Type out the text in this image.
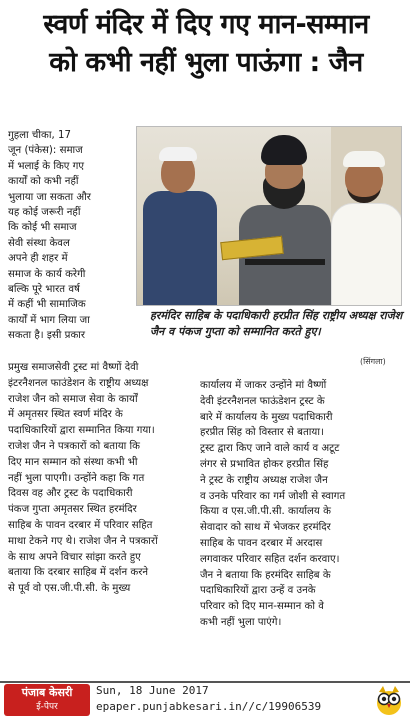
स्वर्ण मंदिर में दिए गए मान-सम्मान
को कभी नहीं भुला पाऊंगा : जैन

गुहला चीका, 17

जून (पंकेस): समाज

में भलाई के किए गए

कार्यों को कभी नहीं

भुलाया जा सकता और

यह कोई जरूरी नहीं

कि कोई भी समाज

सेवी संस्था केवल

अपने ही शहर में

समाज के कार्य करेगी

बल्कि पूरे भारत वर्ष

में कहीं भी सामाजिक

कार्यों में भाग लिया जा

सकता है। इसी प्रकार

हरमंदिर साहिब के पदाधिकारी हरप्रीत सिंह राष्ट्रीय अध्यक्ष राजेश जैन व पंकज गुप्ता को सम्मानित करते हुए।
(सिंगला)

प्रमुख समाजसेवी ट्रस्ट मां वैष्णों देवी

इंटरनैशनल फाउंडेशन के राष्ट्रीय अध्यक्ष

राजेश जैन को समाज सेवा के कार्यों

में अमृतसर स्थित स्वर्ण मंदिर के

पदाधिकारियों द्वारा सम्मानित किया गया।

राजेश जैन ने पत्रकारों को बताया कि

दिए मान सम्मान को संस्था कभी भी

नहीं भुला पाएगी। उन्होंने कहा कि गत

दिवस वह और ट्रस्ट के पदाधिकारी

पंकज गुप्ता अमृतसर स्थित हरमंदिर

साहिब के पावन दरबार में परिवार सहित

माथा टेकने गए थे। राजेश जैन ने पत्रकारों

के साथ अपने विचार सांझा करते हुए

बताया कि दरबार साहिब में दर्शन करने

से पूर्व वो एस.जी.पी.सी. के मुख्य

कार्यालय में जाकर उन्होंने मां वैष्णों

देवी इंटरनैशनल फाऊंडेशन ट्रस्ट के

बारे में कार्यालय के मुख्य पदाधिकारी

हरप्रीत सिंह को विस्तार से बताया।

ट्रस्ट द्वारा किए जाने वाले कार्य व अटूट

लंगर से प्रभावित होकर हरप्रीत सिंह

ने ट्रस्ट के राष्ट्रीय अध्यक्ष राजेश जैन

व उनके परिवार का गर्म जोशी से स्वागत

किया व एस.जी.पी.सी. कार्यालय के

सेवादार को साथ में भेजकर हरमंदिर

साहिब के पावन दरबार में अरदास

लगवाकर परिवार सहित दर्शन करवाए।

जैन ने बताया कि हरमंदिर साहिब के

पदाधिकारियों द्वारा उन्हें व उनके

परिवार को दिए मान-सम्मान को वे

कभी नहीं भुला पाएंगे।

पंजाब केसरी
ई-पेपर
Sun, 18 June 2017
epaper.punjabkesari.in//c/19906539
